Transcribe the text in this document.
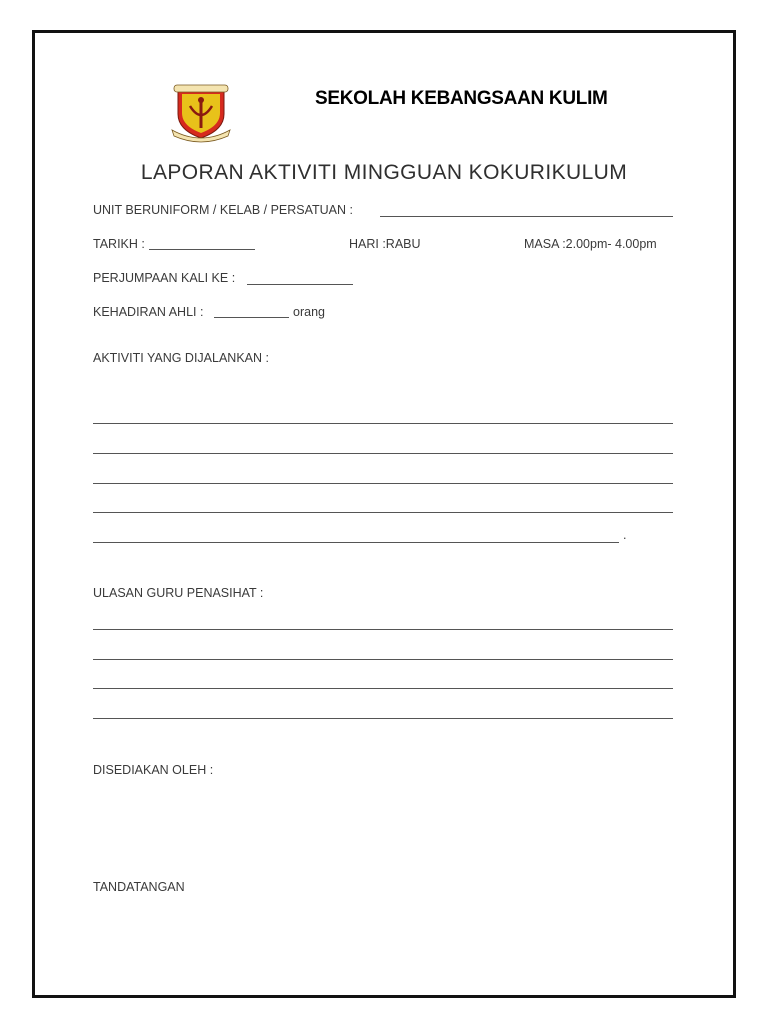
SEKOLAH KEBANGSAAN KULIM
LAPORAN AKTIVITI MINGGUAN KOKURIKULUM
UNIT BERUNIFORM / KELAB / PERSATUAN :
TARIKH :	HARI :RABU	MASA :2.00pm- 4.00pm
PERJUMPAAN KALI KE :
KEHADIRAN AHLI :	orang
AKTIVITI YANG DIJALANKAN :
.
ULASAN GURU PENASIHAT :
DISEDIAKAN OLEH :
TANDATANGAN
